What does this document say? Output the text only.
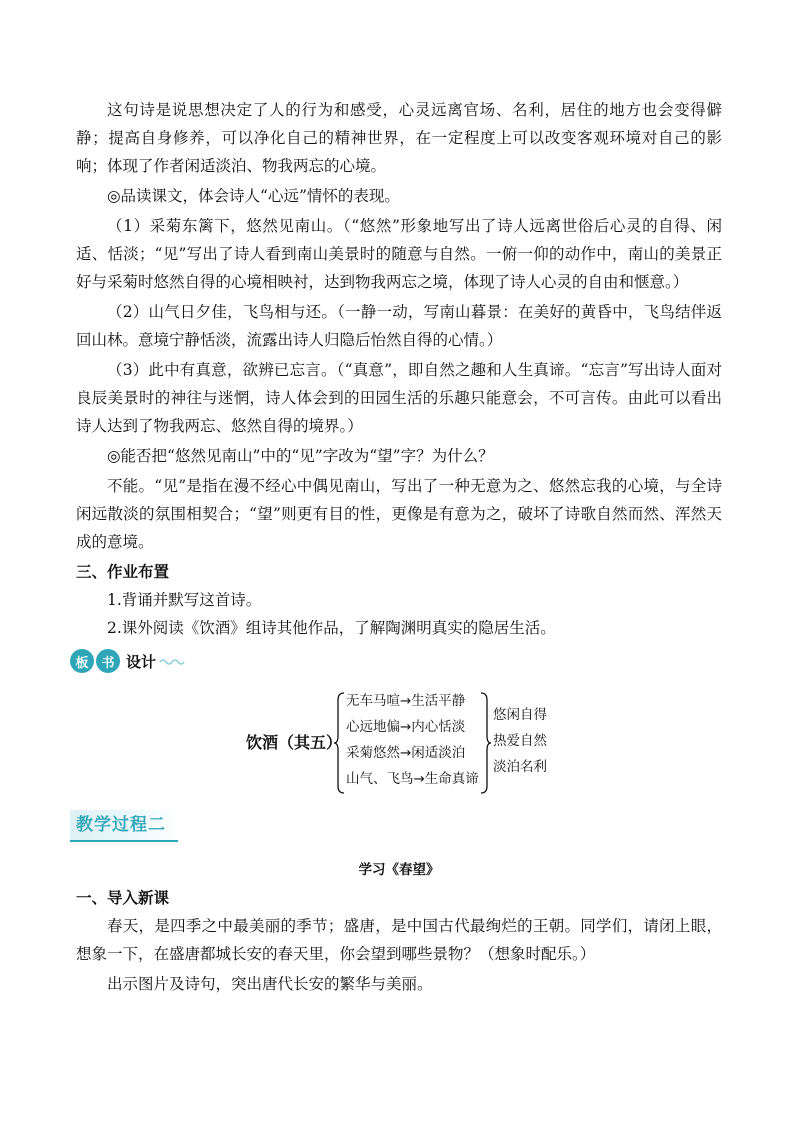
这句诗是说思想决定了人的行为和感受，心灵远离官场、名利，居住的地方也会变得僻静；提高自身修养，可以净化自己的精神世界，在一定程度上可以改变客观环境对自己的影响；体现了作者闲适淡泊、物我两忘的心境。

◎品读课文，体会诗人“心远”情怀的表现。

（1）采菊东篱下，悠然见南山。（“悠然”形象地写出了诗人远离世俗后心灵的自得、闲适、恬淡；“见”写出了诗人看到南山美景时的随意与自然。一俯一仰的动作中，南山的美景正好与采菊时悠然自得的心境相映衬，达到物我两忘之境，体现了诗人心灵的自由和惬意。）

（2）山气日夕佳，飞鸟相与还。（一静一动，写南山暮景：在美好的黄昏中，飞鸟结伴返回山林。意境宁静恬淡，流露出诗人归隐后怡然自得的心情。）

（3）此中有真意，欲辨已忘言。（“真意”，即自然之趣和人生真谛。“忘言”写出诗人面对良辰美景时的神往与迷惘，诗人体会到的田园生活的乐趣只能意会，不可言传。由此可以看出诗人达到了物我两忘、悠然自得的境界。）

◎能否把“悠然见南山”中的“见”字改为“望”字？为什么？

不能。“见”是指在漫不经心中偶见南山，写出了一种无意为之、悠然忘我的心境，与全诗闲远散淡的氛围相契合；“望”则更有目的性，更像是有意为之，破坏了诗歌自然而然、浑然天成的意境。

三、作业布置

1.背诵并默写这首诗。

2.课外阅读《饮酒》组诗其他作品，了解陶渊明真实的隐居生活。

板 书 设计
饮酒（其五）
无车马喧→生活平静
心远地偏→内心恬淡
采菊悠然→闲适淡泊
山气、飞鸟→生命真谛
悠闲自得
热爱自然
淡泊名利
教学过程二
学习《春望》

一、导入新课

春天，是四季之中最美丽的季节；盛唐，是中国古代最绚烂的王朝。同学们，请闭上眼，想象一下，在盛唐都城长安的春天里，你会望到哪些景物？（想象时配乐。）

出示图片及诗句，突出唐代长安的繁华与美丽。
